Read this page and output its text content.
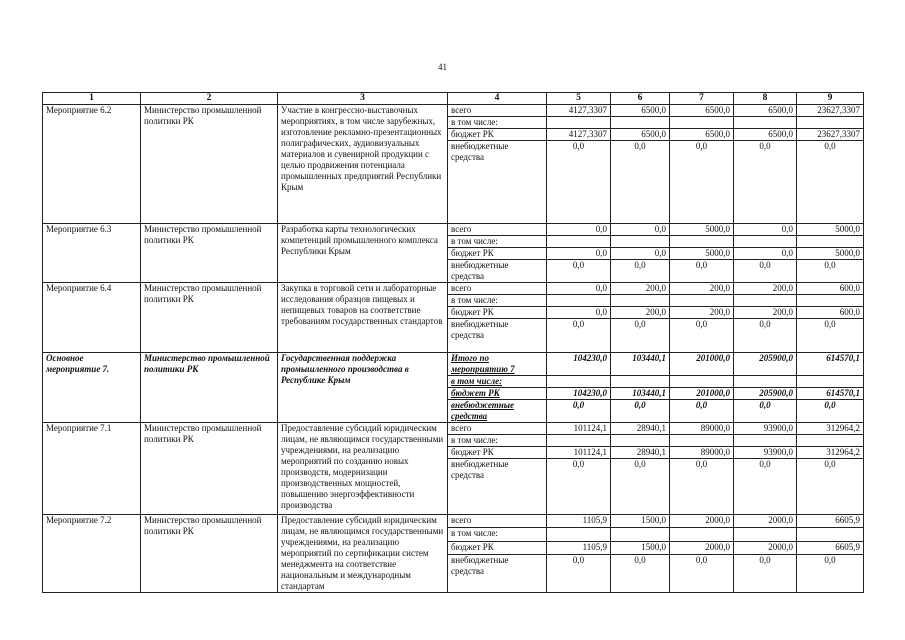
41
1	2	3	4	5	6	7	8	9
Мероприятие 6.2	Министерство промышленной политики РК	Участие в конгрессно-выставочных мероприятиях, в том числе зарубежных, изготовление рекламно-презентационных полиграфических, аудиовизуальных материалов и сувенирной продукции с целью продвижения потенциала промышленных предприятий Республики Крым	всего	4127,3307	6500,0	6500,0	6500,0	23627,3307
			в том числе:					
			бюджет РК	4127,3307	6500,0	6500,0	6500,0	23627,3307
			внебюджетные средства	0,0	0,0	0,0	0,0	0,0
Мероприятие 6.3	Министерство промышленной политики РК	Разработка карты технологических компетенций промышленного комплекса Республики Крым	всего	0,0	0,0	5000,0	0,0	5000,0
			в том числе:					
			бюджет РК	0,0	0,0	5000,0	0,0	5000,0
			внебюджетные средства	0,0	0,0	0,0	0,0	0,0
Мероприятие 6.4	Министерство промышленной политики РК	Закупка в торговой сети и лабораторные исследования образцов пищевых и непищевых товаров на соответствие требованиям государственных стандартов	всего	0,0	200,0	200,0	200,0	600,0
			в том числе:					
			бюджет РК	0,0	200,0	200,0	200,0	600,0
			внебюджетные средства	0,0	0,0	0,0	0,0	0,0
Основное мероприятие 7.	Министерство промышленной политики РК	Государственная поддержка промышленного производства в Республике Крым	Итого по мероприятию 7	104230,0	103440,1	201000,0	205900,0	614570,1
			в том числе:					
			бюджет РК	104230,0	103440,1	201000,0	205900,0	614570,1
			внебюджетные средства	0,0	0,0	0,0	0,0	0,0
Мероприятие 7.1	Министерство промышленной политики РК	Предоставление субсидий юридическим лицам, не являющимся государственными учреждениями, на реализацию мероприятий по созданию новых производств, модернизации производственных мощностей, повышению энергоэффективности производства	всего	101124,1	28940,1	89000,0	93900,0	312964,2
			в том числе:					
			бюджет РК	101124,1	28940,1	89000,0	93900,0	312964,2
			внебюджетные средства	0,0	0,0	0,0	0,0	0,0
Мероприятие 7.2	Министерство промышленной политики РК	Предоставление субсидий юридическим лицам, не являющимся государственными учреждениями, на реализацию мероприятий по сертификации систем менеджмента на соответствие национальным и международным стандартам	всего	1105,9	1500,0	2000,0	2000,0	6605,9
			в том числе:					
			бюджет РК	1105,9	1500,0	2000,0	2000,0	6605,9
			внебюджетные средства	0,0	0,0	0,0	0,0	0,0
